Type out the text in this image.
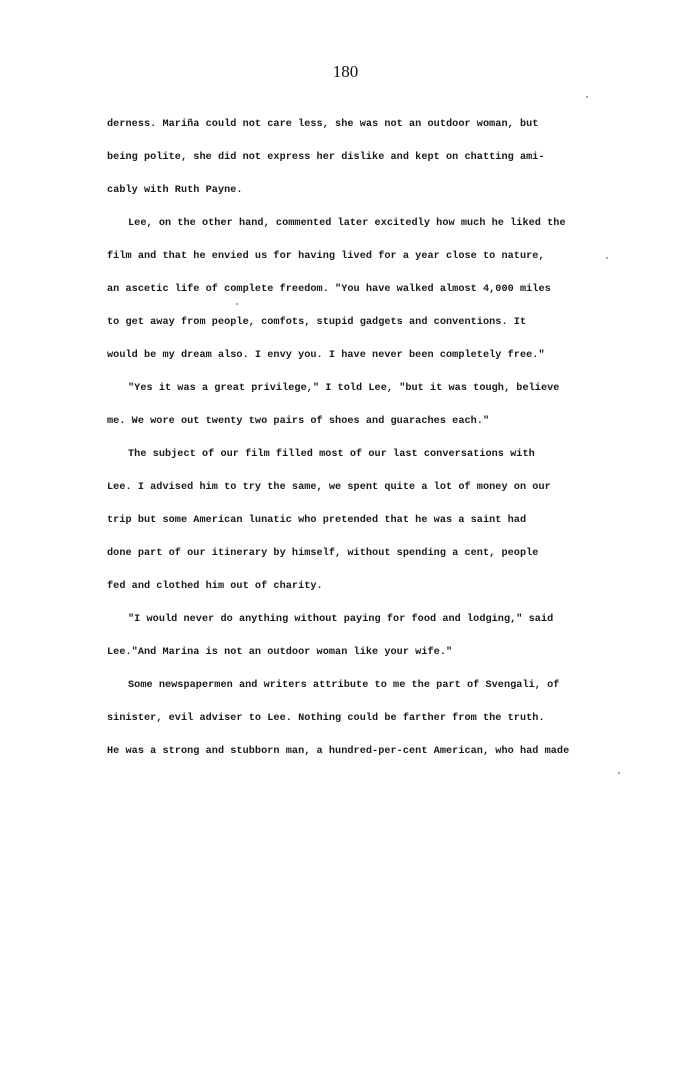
180
derness. Mariña could not care less, she was not an outdoor woman, but
being polite, she did not express her dislike and kept on chatting ami-
cably with Ruth Payne.
Lee, on the other hand, commented later excitedly how much he liked the
film and that he envied us for having lived for a year close to nature,
an ascetic life of complete freedom. "You have walked almost 4,000 miles
to get away from people, comfots, stupid gadgets and conventions. It
would be my dream also. I envy you. I have never been completely free."
"Yes it was a great privilege," I told Lee, "but it was tough, believe
me. We wore out twenty two pairs of shoes and guaraches each."
The subject of our film filled most of our last conversations with
Lee. I advised him to try the same, we spent quite a lot of money on our
trip but some American lunatic who pretended that he was a saint had
done part of our itinerary by himself, without spending a cent, people
fed and clothed him out of charity.
"I would never do anything without paying for food and lodging," said
Lee."And Marina is not an outdoor woman like your wife."
Some newspapermen and writers attribute to me the part of Svengali, of
sinister, evil adviser to Lee. Nothing could be farther from the truth.
He was a strong and stubborn man, a hundred-per-cent American, who had made
